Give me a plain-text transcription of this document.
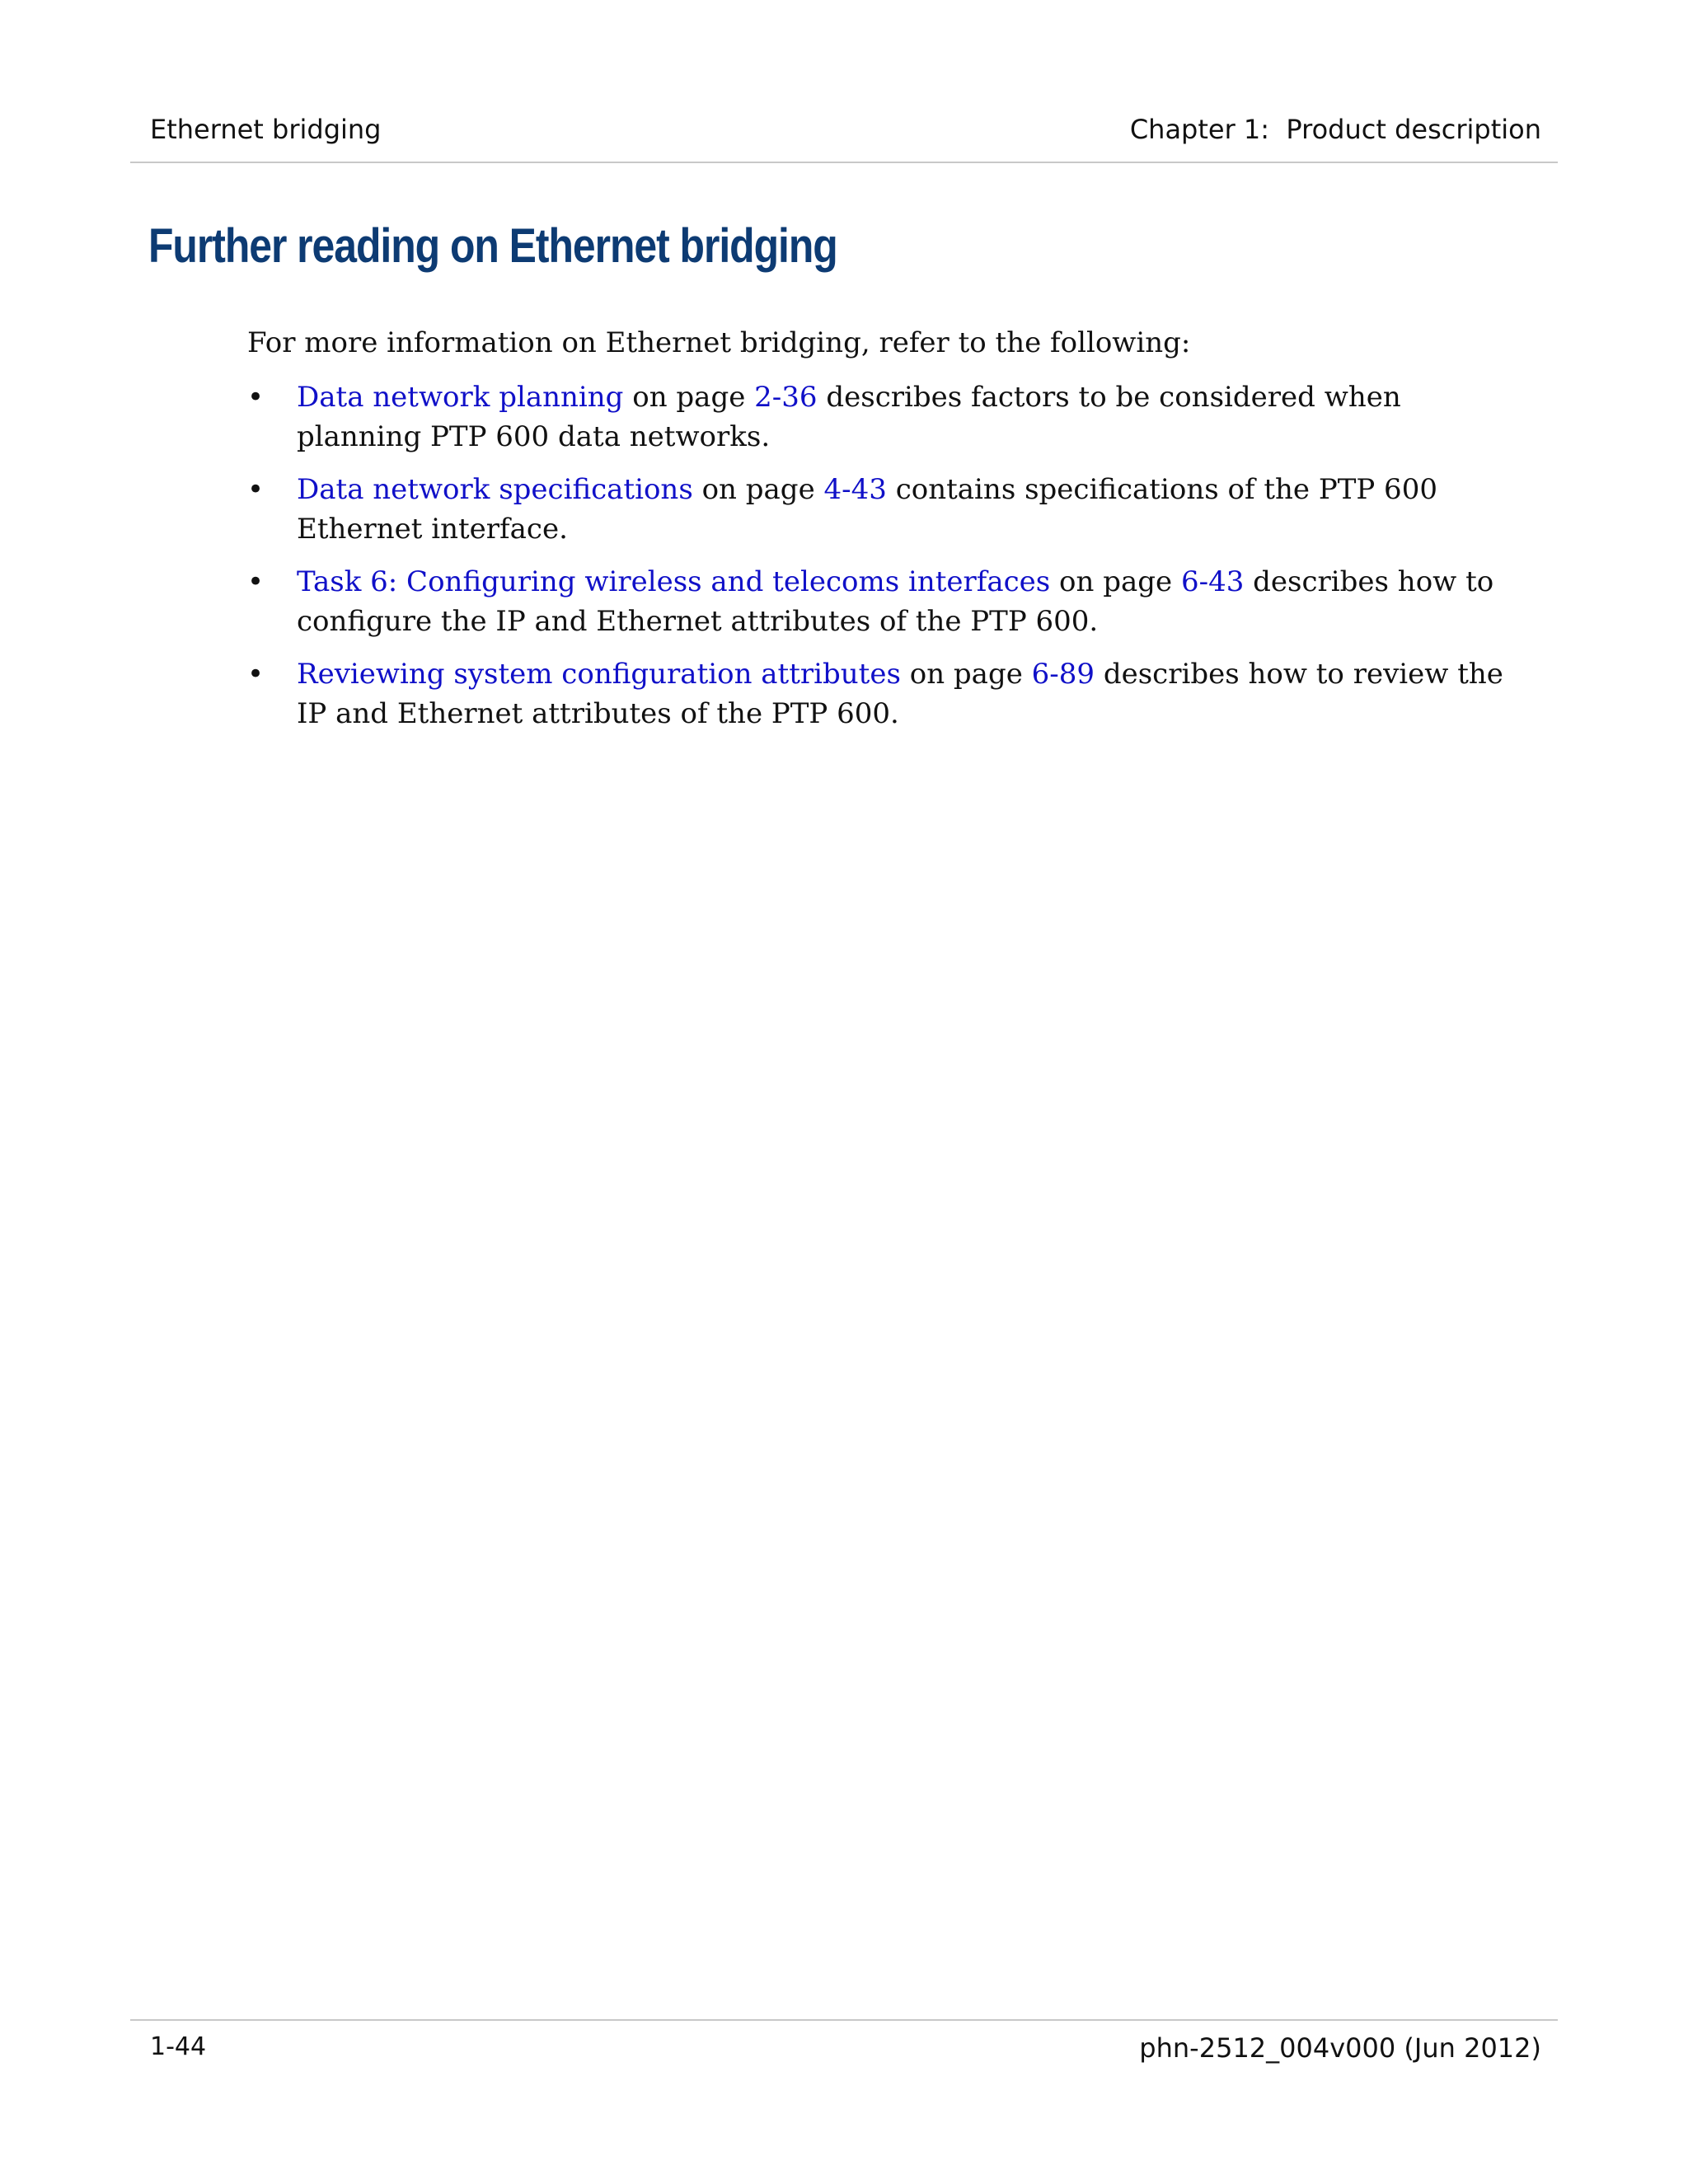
Ethernet bridging	Chapter 1:  Product description
Further reading on Ethernet bridging
For more information on Ethernet bridging, refer to the following:
• Data network planning on page 2-36 describes factors to be considered when planning PTP 600 data networks.
• Data network specifications on page 4-43 contains specifications of the PTP 600 Ethernet interface.
• Task 6: Configuring wireless and telecoms interfaces on page 6-43 describes how to configure the IP and Ethernet attributes of the PTP 600.
• Reviewing system configuration attributes on page 6-89 describes how to review the IP and Ethernet attributes of the PTP 600.
1-44	phn-2512_004v000 (Jun 2012)
